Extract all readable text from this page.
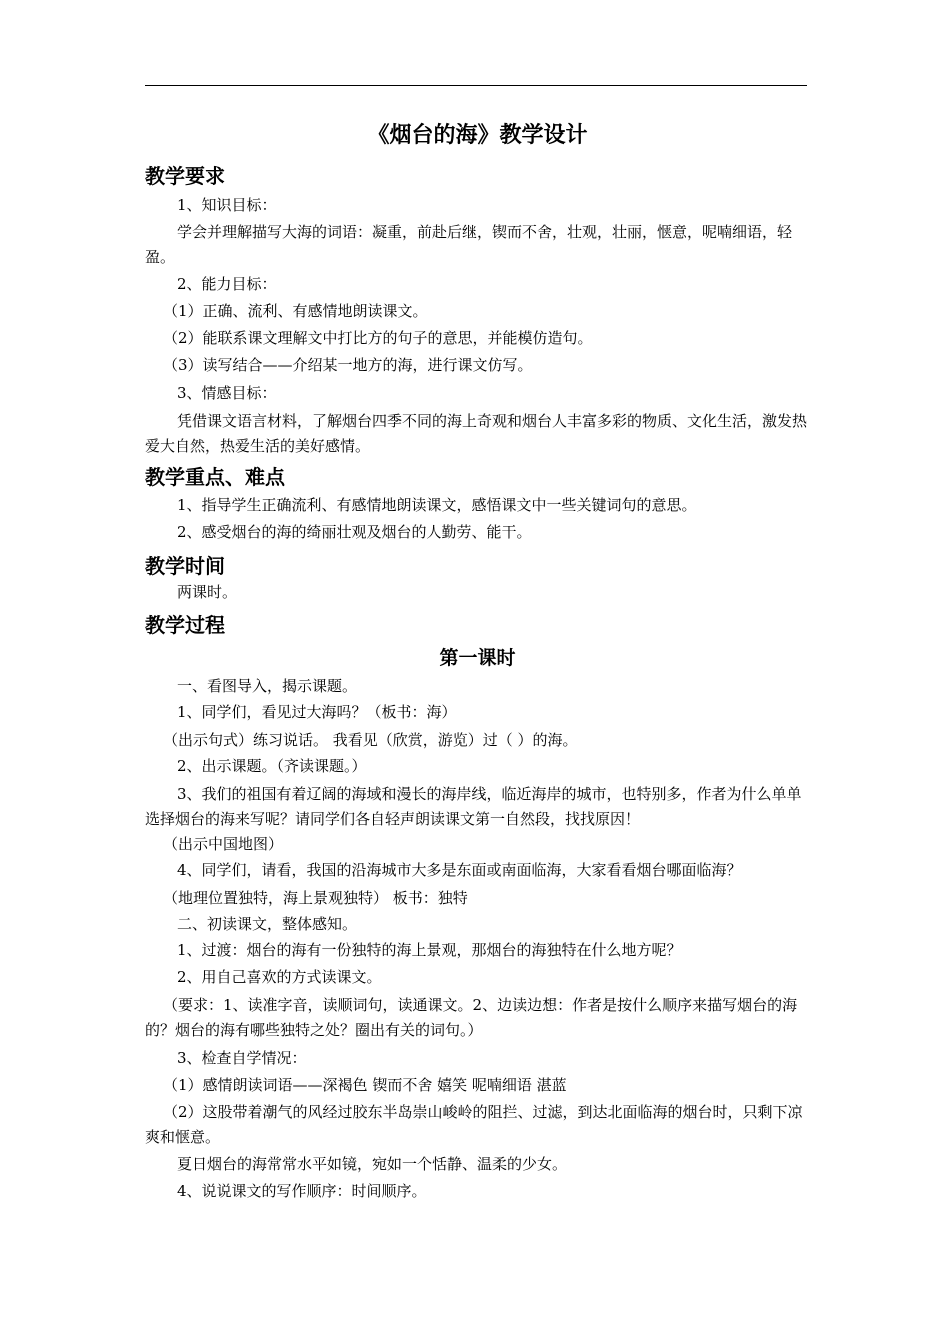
《烟台的海》教学设计
教学要求
1、知识目标：
学会并理解描写大海的词语：凝重，前赴后继，锲而不舍，壮观，壮丽，惬意，呢喃细语，轻盈。
2、能力目标：
（1）正确、流利、有感情地朗读课文。
（2）能联系课文理解文中打比方的句子的意思，并能模仿造句。
（3）读写结合——介绍某一地方的海，进行课文仿写。
3、情感目标：
凭借课文语言材料，了解烟台四季不同的海上奇观和烟台人丰富多彩的物质、文化生活，激发热爱大自然，热爱生活的美好感情。
教学重点、难点
1、指导学生正确流利、有感情地朗读课文，感悟课文中一些关键词句的意思。
2、感受烟台的海的绮丽壮观及烟台的人勤劳、能干。
教学时间
两课时。
教学过程
第一课时
一、看图导入，揭示课题。
1、同学们，看见过大海吗？（板书：海）
（出示句式）练习说话。 我看见（欣赏，游览）过（ ）的海。
2、出示课题。（齐读课题。）
3、我们的祖国有着辽阔的海域和漫长的海岸线，临近海岸的城市，也特别多，作者为什么单单选择烟台的海来写呢？请同学们各自轻声朗读课文第一自然段，找找原因！
（出示中国地图）
4、同学们，请看，我国的沿海城市大多是东面或南面临海，大家看看烟台哪面临海？
（地理位置独特，海上景观独特） 板书：独特
二、初读课文，整体感知。
1、过渡：烟台的海有一份独特的海上景观，那烟台的海独特在什么地方呢？
2、用自己喜欢的方式读课文。
（要求：1、读准字音，读顺词句，读通课文。2、边读边想：作者是按什么顺序来描写烟台的海的？烟台的海有哪些独特之处？圈出有关的词句。）
3、检查自学情况：
（1）感情朗读词语——深褐色 锲而不舍 嬉笑 呢喃细语 湛蓝
（2）这股带着潮气的风经过胶东半岛崇山峻岭的阻拦、过滤，到达北面临海的烟台时，只剩下凉爽和惬意。
夏日烟台的海常常水平如镜，宛如一个恬静、温柔的少女。
4、说说课文的写作顺序：时间顺序。
